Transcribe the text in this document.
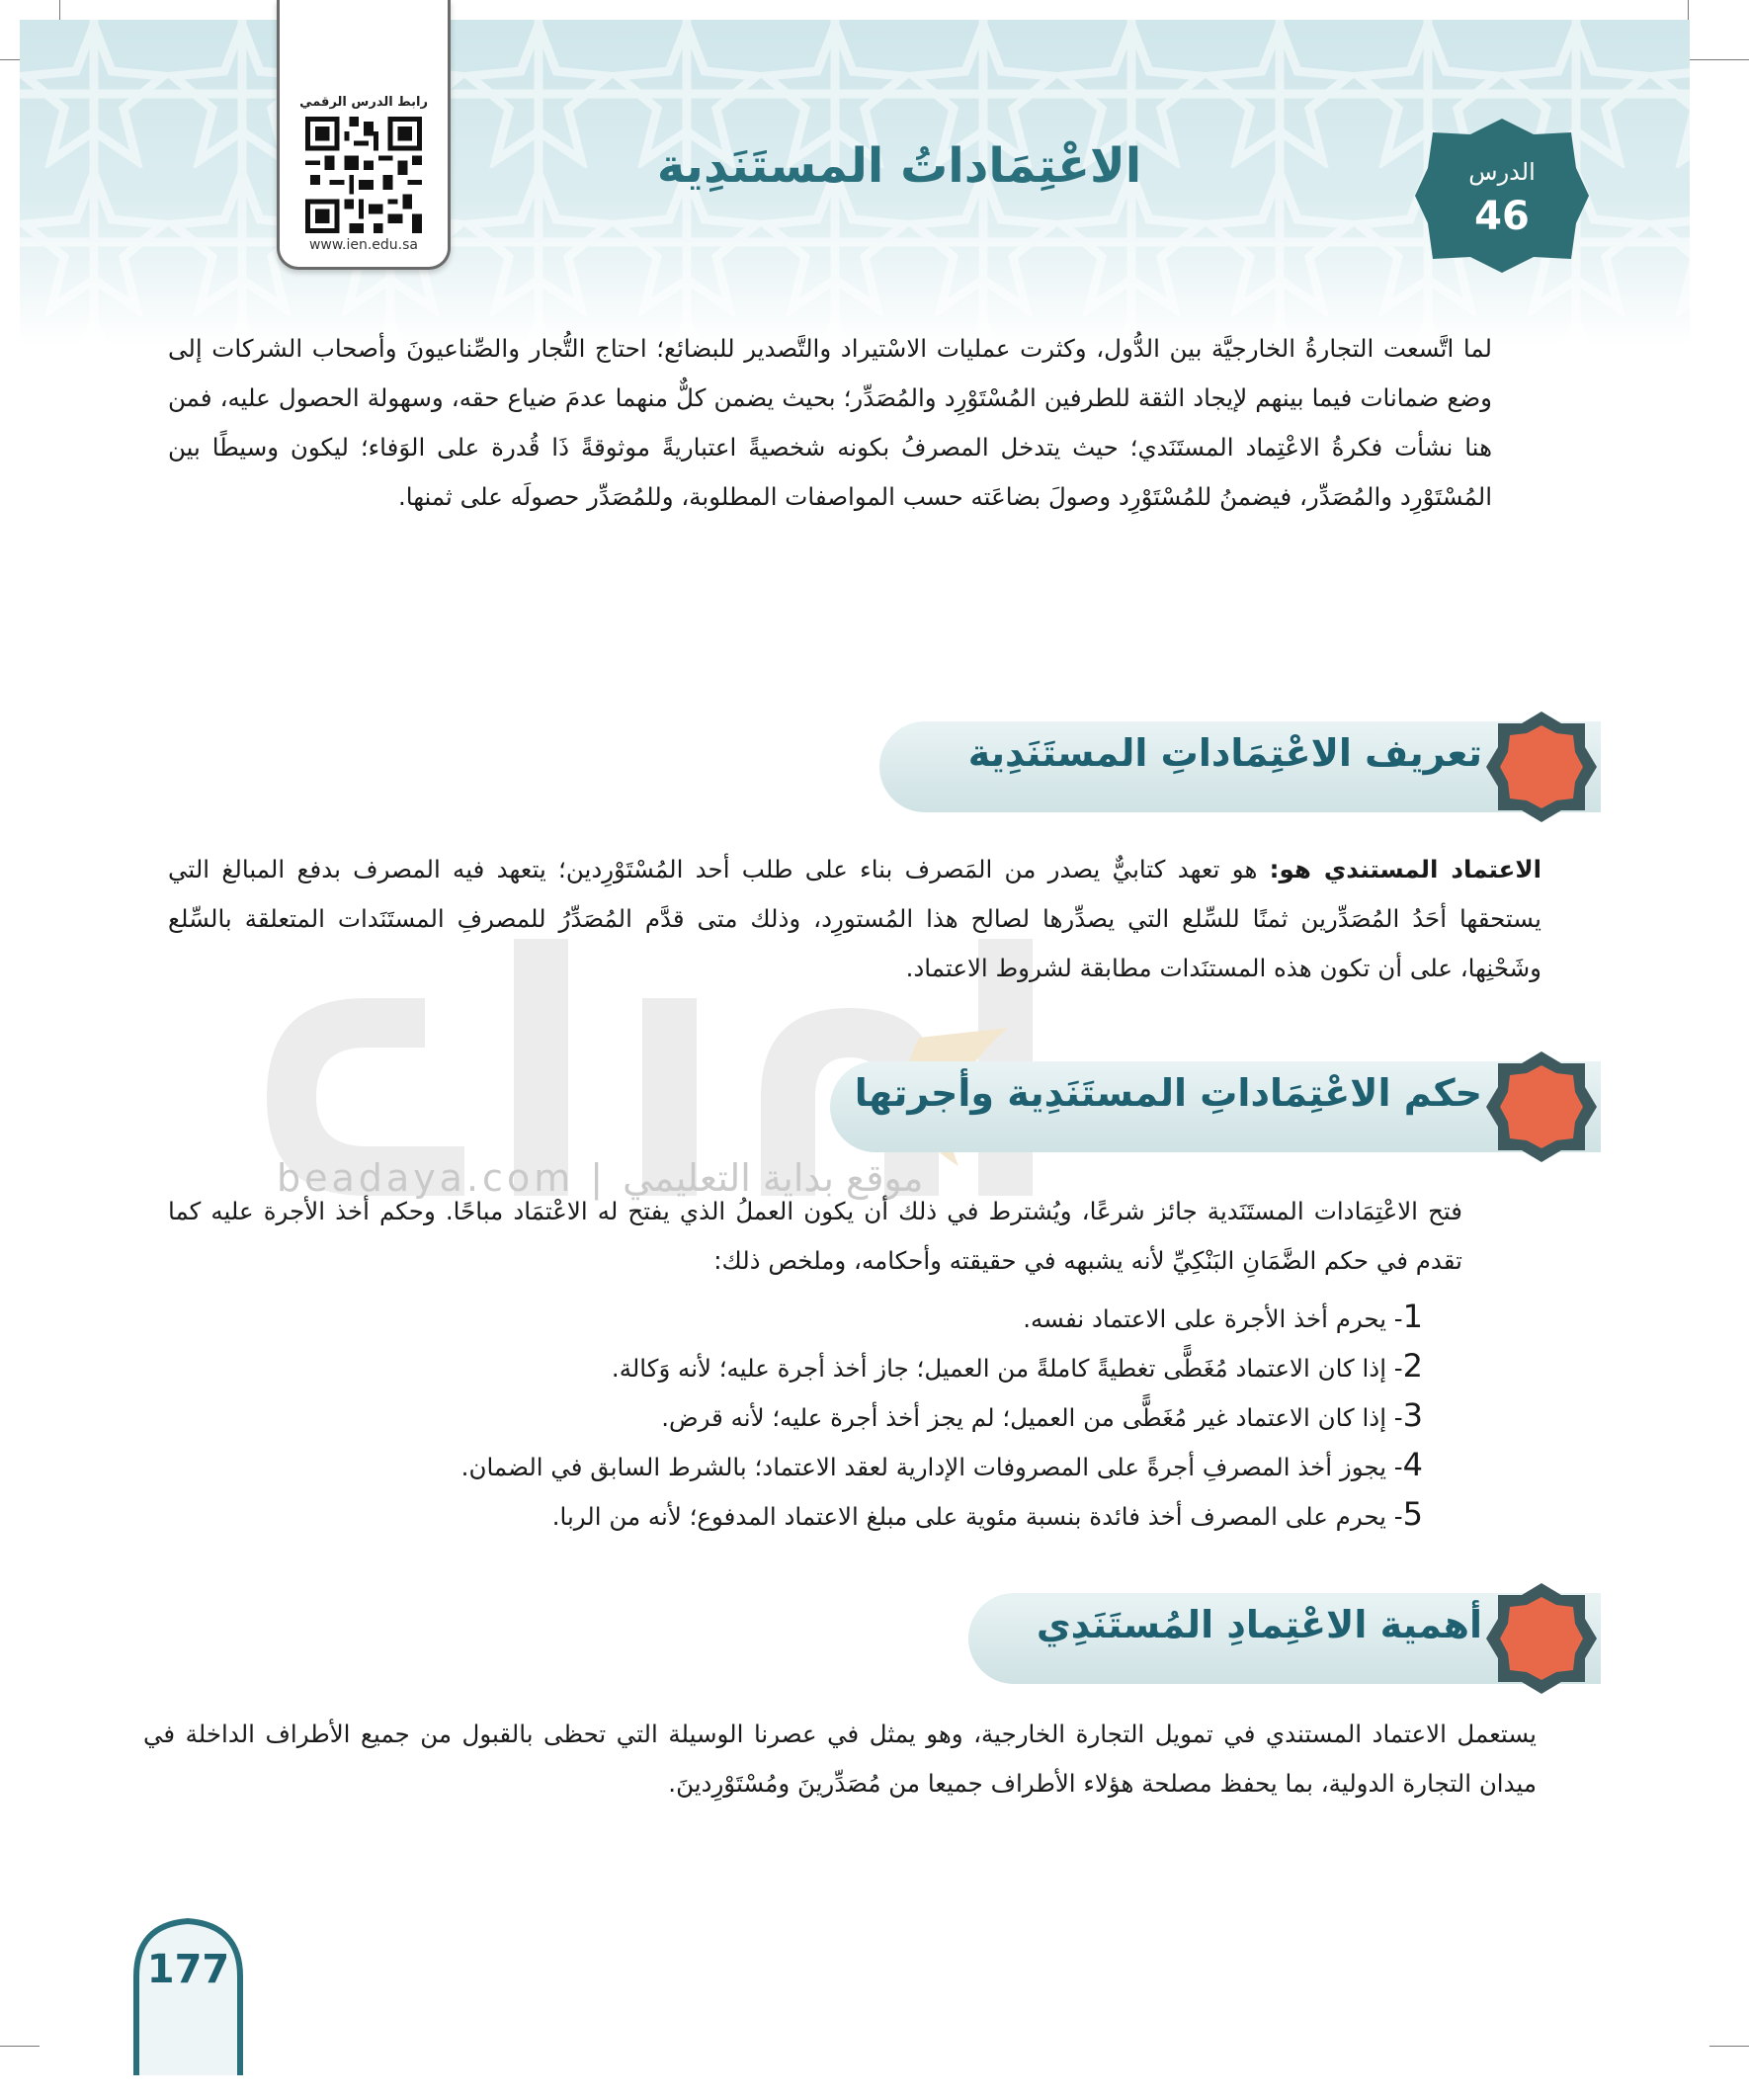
رابط الدرس الرقمي
www.ien.edu.sa
الاعْتِمَاداتُ المستَنَدِية	الدرس
46
لما اتَّسعت التجارةُ الخارجيَّة بين الدُّول، وكثرت عمليات الاسْتيراد والتَّصدير للبضائع؛ احتاج التُّجار والصِّناعيونَ وأصحاب الشركات إلى وضع ضمانات فيما بينهم لإيجاد الثقة للطرفين المُسْتَوْرِد والمُصَدِّر؛ بحيث يضمن كلٌّ منهما عدمَ ضياع حقه، وسهولة الحصول عليه، فمن هنا نشأت فكرةُ الاعْتِماد المستَنَدي؛ حيث يتدخل المصرفُ بكونه شخصيةً اعتباريةً موثوقةً ذَا قُدرة على الوَفاء؛ ليكون وسيطًا بين المُسْتَوْرِد والمُصَدِّر، فيضمنُ للمُسْتَوْرِد وصولَ بضاعَته حسب المواصفات المطلوبة، وللمُصَدِّر حصولَه على ثمنها.
beadaya.com | موقع بداية التعليمي
تعريف الاعْتِمَاداتِ المستَنَدِية
الاعتماد المستندي هو: هو تعهد كتابيٌّ يصدر من المَصرف بناء على طلب أحد المُسْتَوْرِدين؛ يتعهد فيه المصرف بدفع المبالغ التي يستحقها أحَدُ المُصَدِّرين ثمنًا للسِّلع التي يصدِّرها لصالح هذا المُستورِد، وذلك متى قدَّم المُصَدِّرُ للمصرفِ المستَنَدات المتعلقة بالسِّلع وشَحْنِها، على أن تكون هذه المستنَدات مطابقة لشروط الاعتماد.
حكم الاعْتِمَاداتِ المستَنَدِية وأجرتها
فتح الاعْتِمَادات المستَنَدية جائز شرعًا، ويُشترط في ذلك أن يكون العملُ الذي يفتح له الاعْتمَاد مباحًا. وحكم أخذ الأجرة عليه كما تقدم في حكم الضَّمَانِ البَنْكِيِّ لأنه يشبهه في حقيقته وأحكامه، وملخص ذلك:
1- يحرم أخذ الأجرة على الاعتماد نفسه.
2- إذا كان الاعتماد مُغَطًّى تغطيةً كاملةً من العميل؛ جاز أخذ أجرة عليه؛ لأنه وَكالة.
3- إذا كان الاعتماد غير مُغَطًّى من العميل؛ لم يجز أخذ أجرة عليه؛ لأنه قرض.
4- يجوز أخذ المصرفِ أجرةً على المصروفات الإدارية لعقد الاعتماد؛ بالشرط السابق في الضمان.
5- يحرم على المصرف أخذ فائدة بنسبة مئوية على مبلغ الاعتماد المدفوع؛ لأنه من الربا.
أهمية الاعْتِمادِ المُستَنَدِي
يستعمل الاعتماد المستندي في تمويل التجارة الخارجية، وهو يمثل في عصرنا الوسيلة التي تحظى بالقبول من جميع الأطراف الداخلة في ميدان التجارة الدولية، بما يحفظ مصلحة هؤلاء الأطراف جميعا من مُصَدِّرينَ ومُسْتَوْرِدينَ.
177
